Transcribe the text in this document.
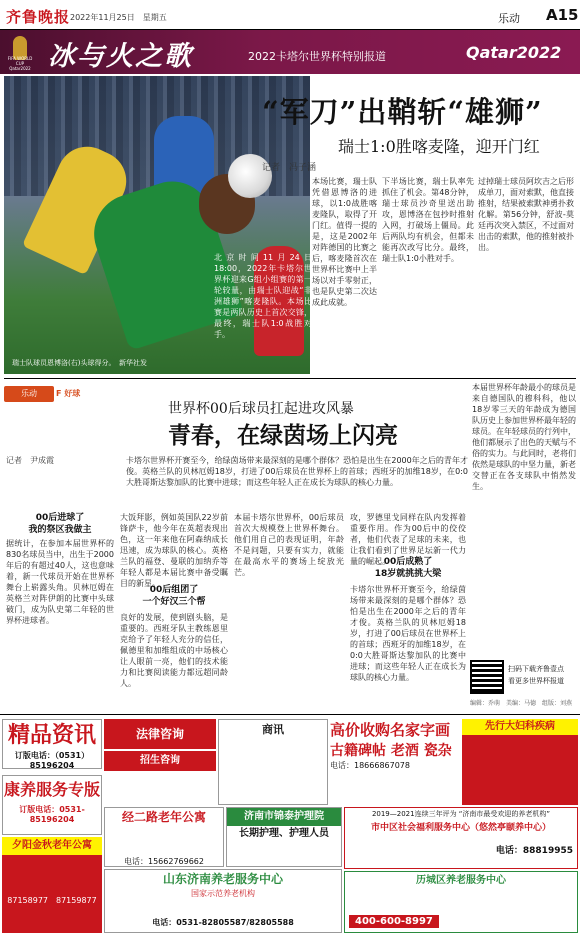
齐鲁晚报 2022年11月25日　星期五	乐动 A15
FIFA WORLD CUP Qatar2022 冰与火之歌	2022卡塔尔世界杯特别报道	Qatar2022
北京时间11月24日18:00，2022年卡塔尔世界杯迎来G组小组赛的第一轮较量，由瑞士队迎战“非洲雄狮”喀麦隆队。本场比赛是两队历史上首次交锋，最终，瑞士队1:0战胜对手。
瑞士队球员恩博洛(右)头球得分。　新华社发
“军刀”出鞘斩“雄狮”
瑞士1:0胜喀麦隆，迎开门红
记者　冯子涵
本场比赛，瑞士队凭借恩博洛的进球，以1:0战胜喀麦隆队，取得了开门红。值得一提的是，这是2002年对阵德国的比赛之后，喀麦隆首次在世界杯比赛中上半场以对手零射正，也是队史第二次达成此成就。
下半场比赛，瑞士队率先抓住了机会。第48分钟，瑞士球员沙奇里送出助攻，恩博洛在包抄时推射入网，打破场上僵局。此后两队均有机会，但都未能再次改写比分。最终，瑞士队1:0小胜对手。
过掉瑞士球员阿坎吉之后形成单刀，面对索默，他直接推射，结果被索默神勇扑救化解。第56分钟，舒波-莫廷再次突入禁区，不过面对出击的索默，他的推射被扑出。
乐动	F 好球
世界杯00后球员扛起进攻风暴
青春，在绿茵场上闪亮
记者　尹成霞	卡塔尔世界杯开赛至今，给绿茵场带来最深刻的是哪个群体？恐怕是出生在2000年之后的青年才俊。英格兰队的贝林厄姆18岁，打进了00后球员在世界杯上的首球；西班牙的加维18岁，在0:0大胜哥斯达黎加队的比赛中进球；而这些年轻人正在成长为球队的核心力量。
00后进球了
我的祭区我做主
据统计，在参加本届世界杯的830名球员当中，出生于2000年后的有超过40人，这也意味着，新一代球员开始在世界杯舞台上崭露头角。贝林厄姆在英格兰对阵伊朗的比赛中头球破门，成为队史第二年轻的世界杯进球者。
大饭拜影，例如英国队22岁前锋萨卡，他今年在英超表现出色，这一年来他在阿森纳成长迅速，成为球队的核心。英格兰队的福登、曼联的加纳乔等年轻人都是本届比赛中备受瞩目的新星。
00后组团了
一个好汉三个帮
良好的发展，使到剧头脑，是重要的。西班牙队主教练恩里克给予了年轻人充分的信任，佩德里和加维组成的中场核心让人眼前一亮，他们的技术能力和比赛阅读能力都远超同龄人。
本届卡塔尔世界杯，00后球员首次大规模登上世界杯舞台。他们用自己的表现证明，年龄不是问题，只要有实力，就能在最高水平的赛场上绽放光芒。
攻，罗德里戈同样在队内发挥着重要作用。作为00后中的佼佼者，他们代表了足球的未来，也让我们看到了世界足坛新一代力量的崛起。
00后成熟了
18岁就挑挑大梁
卡塔尔世界杯开赛至今，给绿茵场带来最深刻的是哪个群体？恐怕是出生在2000年之后的青年才俊。英格兰队的贝林厄姆18岁，打进了00后球员在世界杯上的首球；西班牙的加维18岁，在0:0大胜哥斯达黎加队的比赛中进球；而这些年轻人正在成长为球队的核心力量。
本届世界杯年龄最小的球员是来自德国队的穆科科，他以18岁零三天的年龄成为德国队历史上参加世界杯最年轻的球员。在年轻球员的行列中，他们都展示了出色的天赋与不俗的实力。与此同时，老将们依然是球队的中坚力量，新老交替正在各支球队中悄然发生。
扫码下载齐鲁壹点
看更多世界杯报道
编辑：乔萌　美编：马德　组版：刘燕
精品资讯
订版电话：（0531）85196204
法律咨询
招生咨询
商讯	高价收购名家字画
古籍碑帖 老酒 瓷杂
电话：18666867078
先行大妇科疾病
康养服务专版
订版电话：0531-85196204	经二路老年公寓
电话：15662769662
济南市锦泰护理院
长期护理、护理人员
2019—2021连续三年评为 “济南市最受欢迎的养老机构”
市中区社会福利服务中心（悠然亭颐养中心）
电话：88819955
夕阳金秋老年公寓
87158977　87159877
山东济南养老服务中心
国家示范养老机构
电话：0531-82805587/82805588
历城区养老服务中心
400-600-8997
